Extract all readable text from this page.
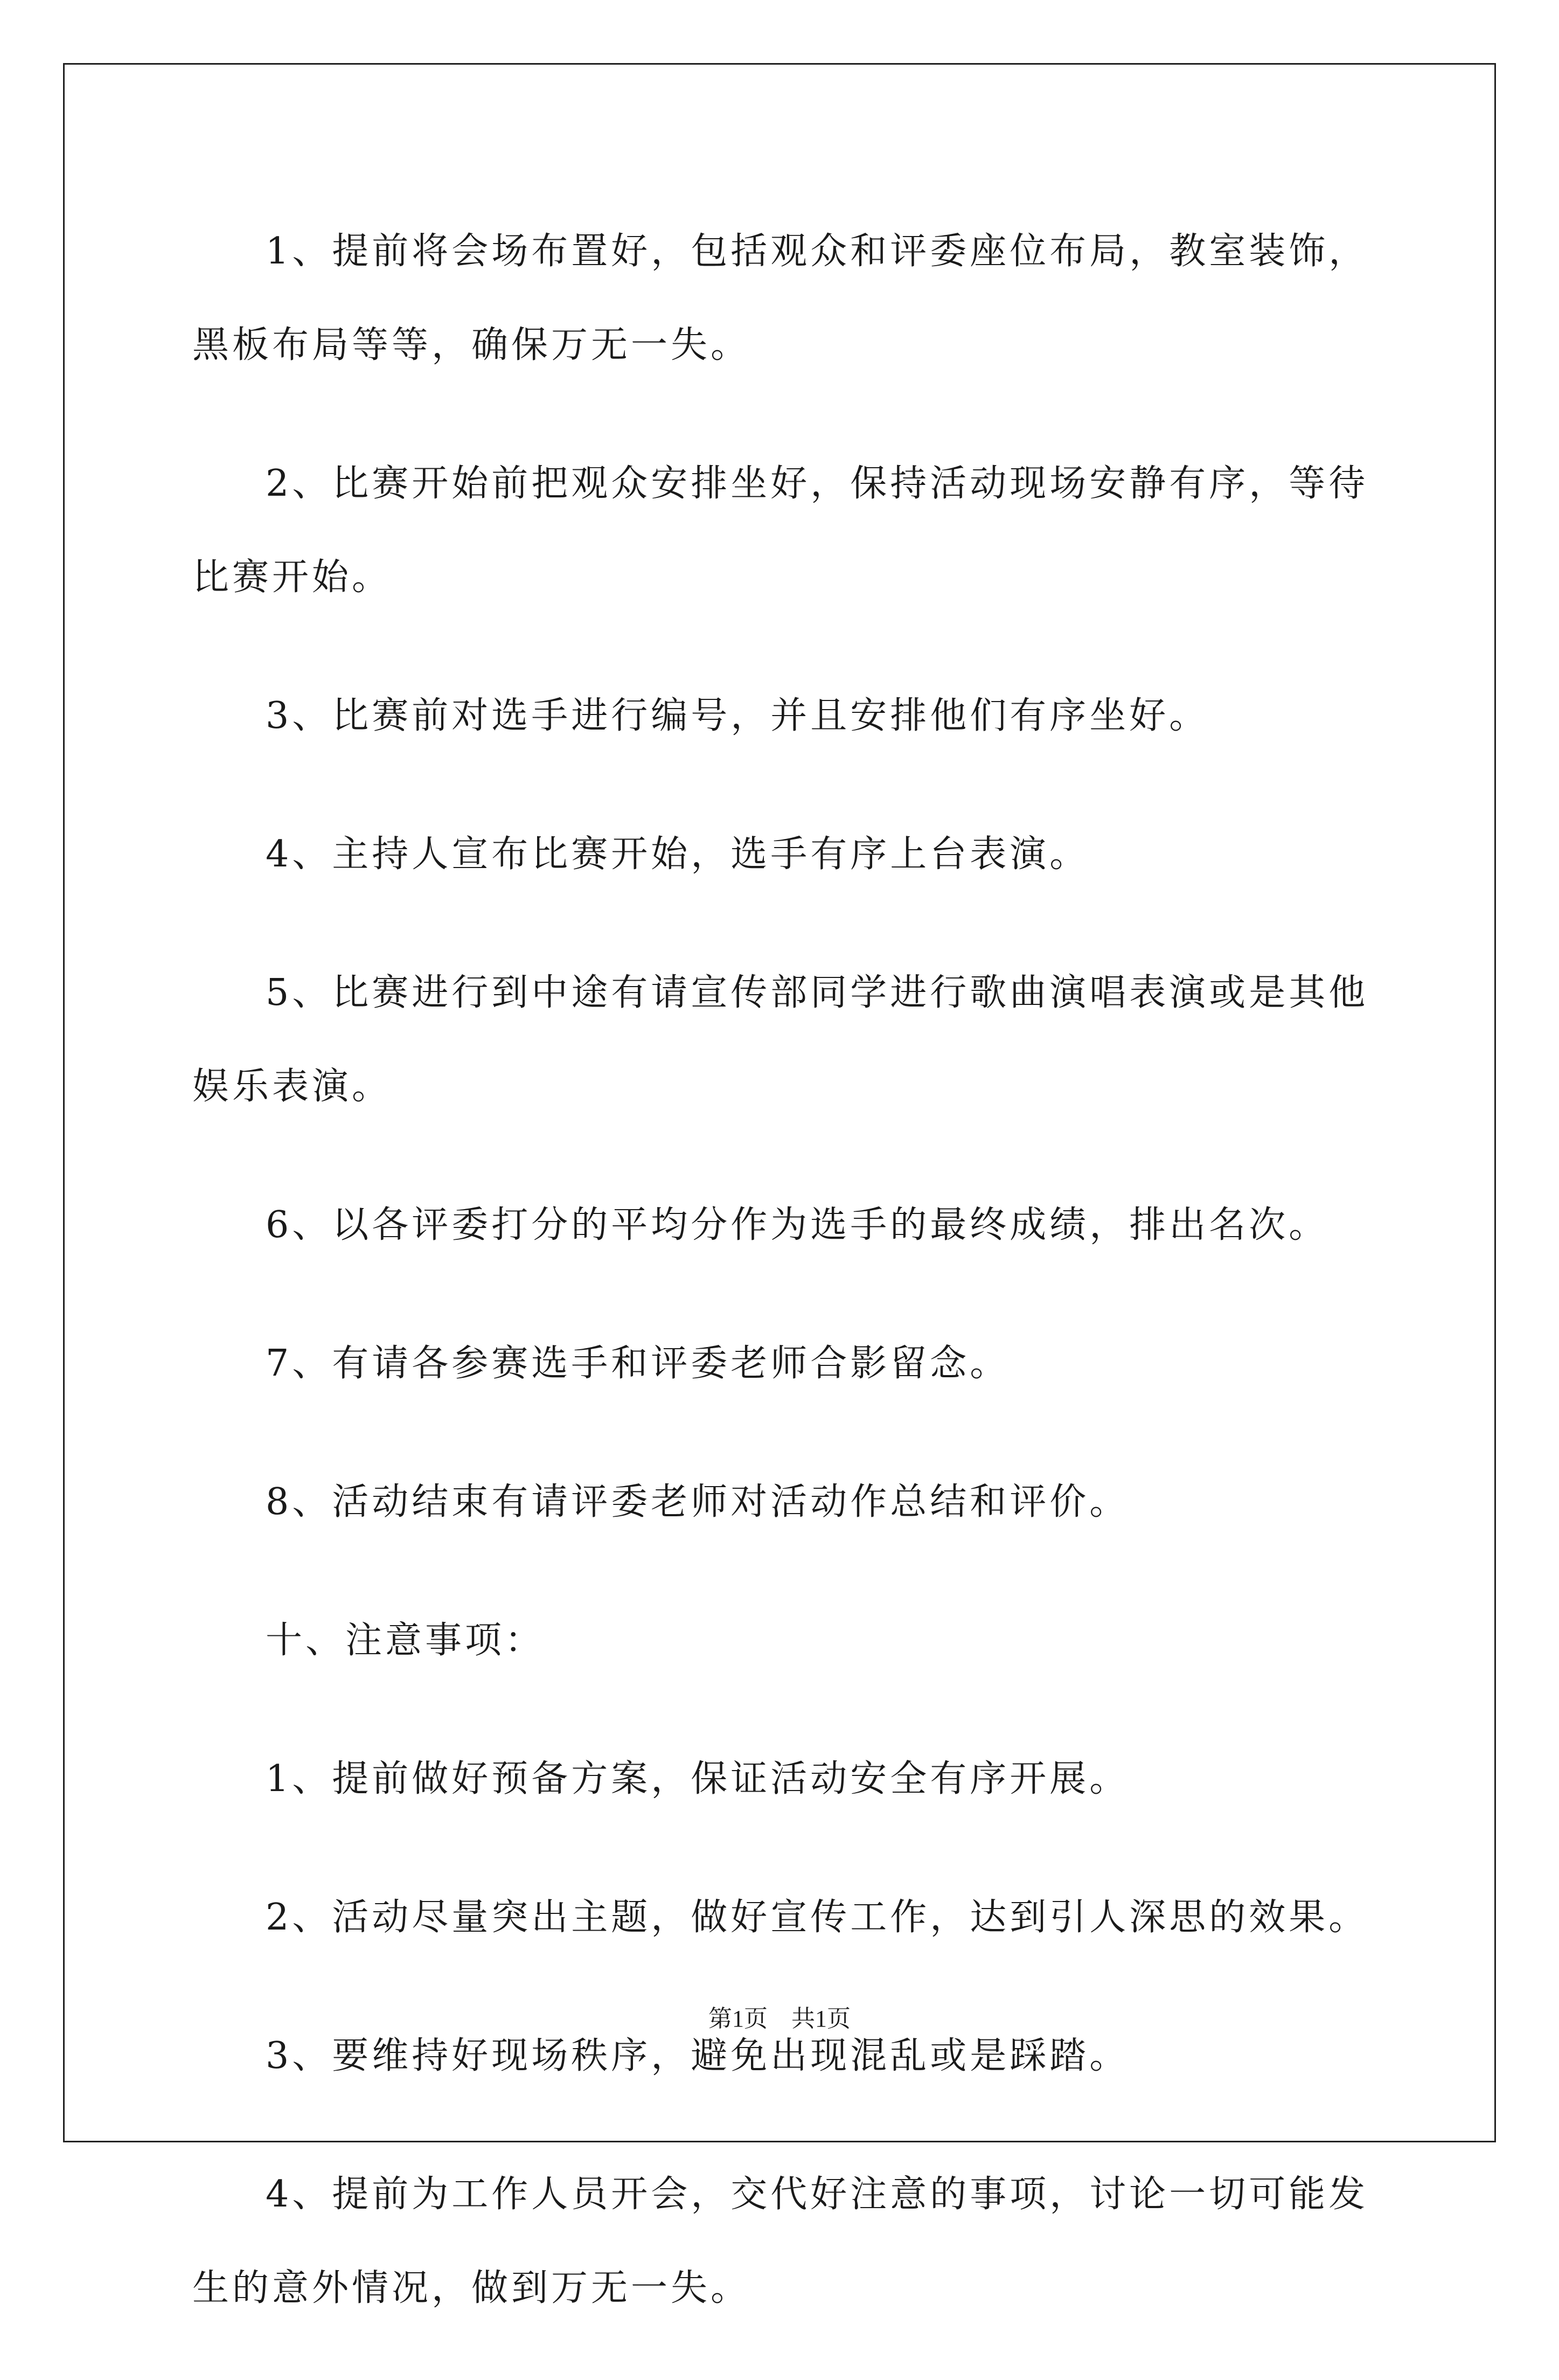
1、提前将会场布置好，包括观众和评委座位布局，教室装饰，黑板布局等等，确保万无一失。

2、比赛开始前把观众安排坐好，保持活动现场安静有序，等待比赛开始。

3、比赛前对选手进行编号，并且安排他们有序坐好。

4、主持人宣布比赛开始，选手有序上台表演。

5、比赛进行到中途有请宣传部同学进行歌曲演唱表演或是其他娱乐表演。

6、以各评委打分的平均分作为选手的最终成绩，排出名次。

7、有请各参赛选手和评委老师合影留念。

8、活动结束有请评委老师对活动作总结和评价。

十、注意事项：

1、提前做好预备方案，保证活动安全有序开展。

2、活动尽量突出主题，做好宣传工作，达到引人深思的效果。

3、要维持好现场秩序，避免出现混乱或是踩踏。

4、提前为工作人员开会，交代好注意的事项，讨论一切可能发生的意外情况，做到万无一失。

第1页　共1页
